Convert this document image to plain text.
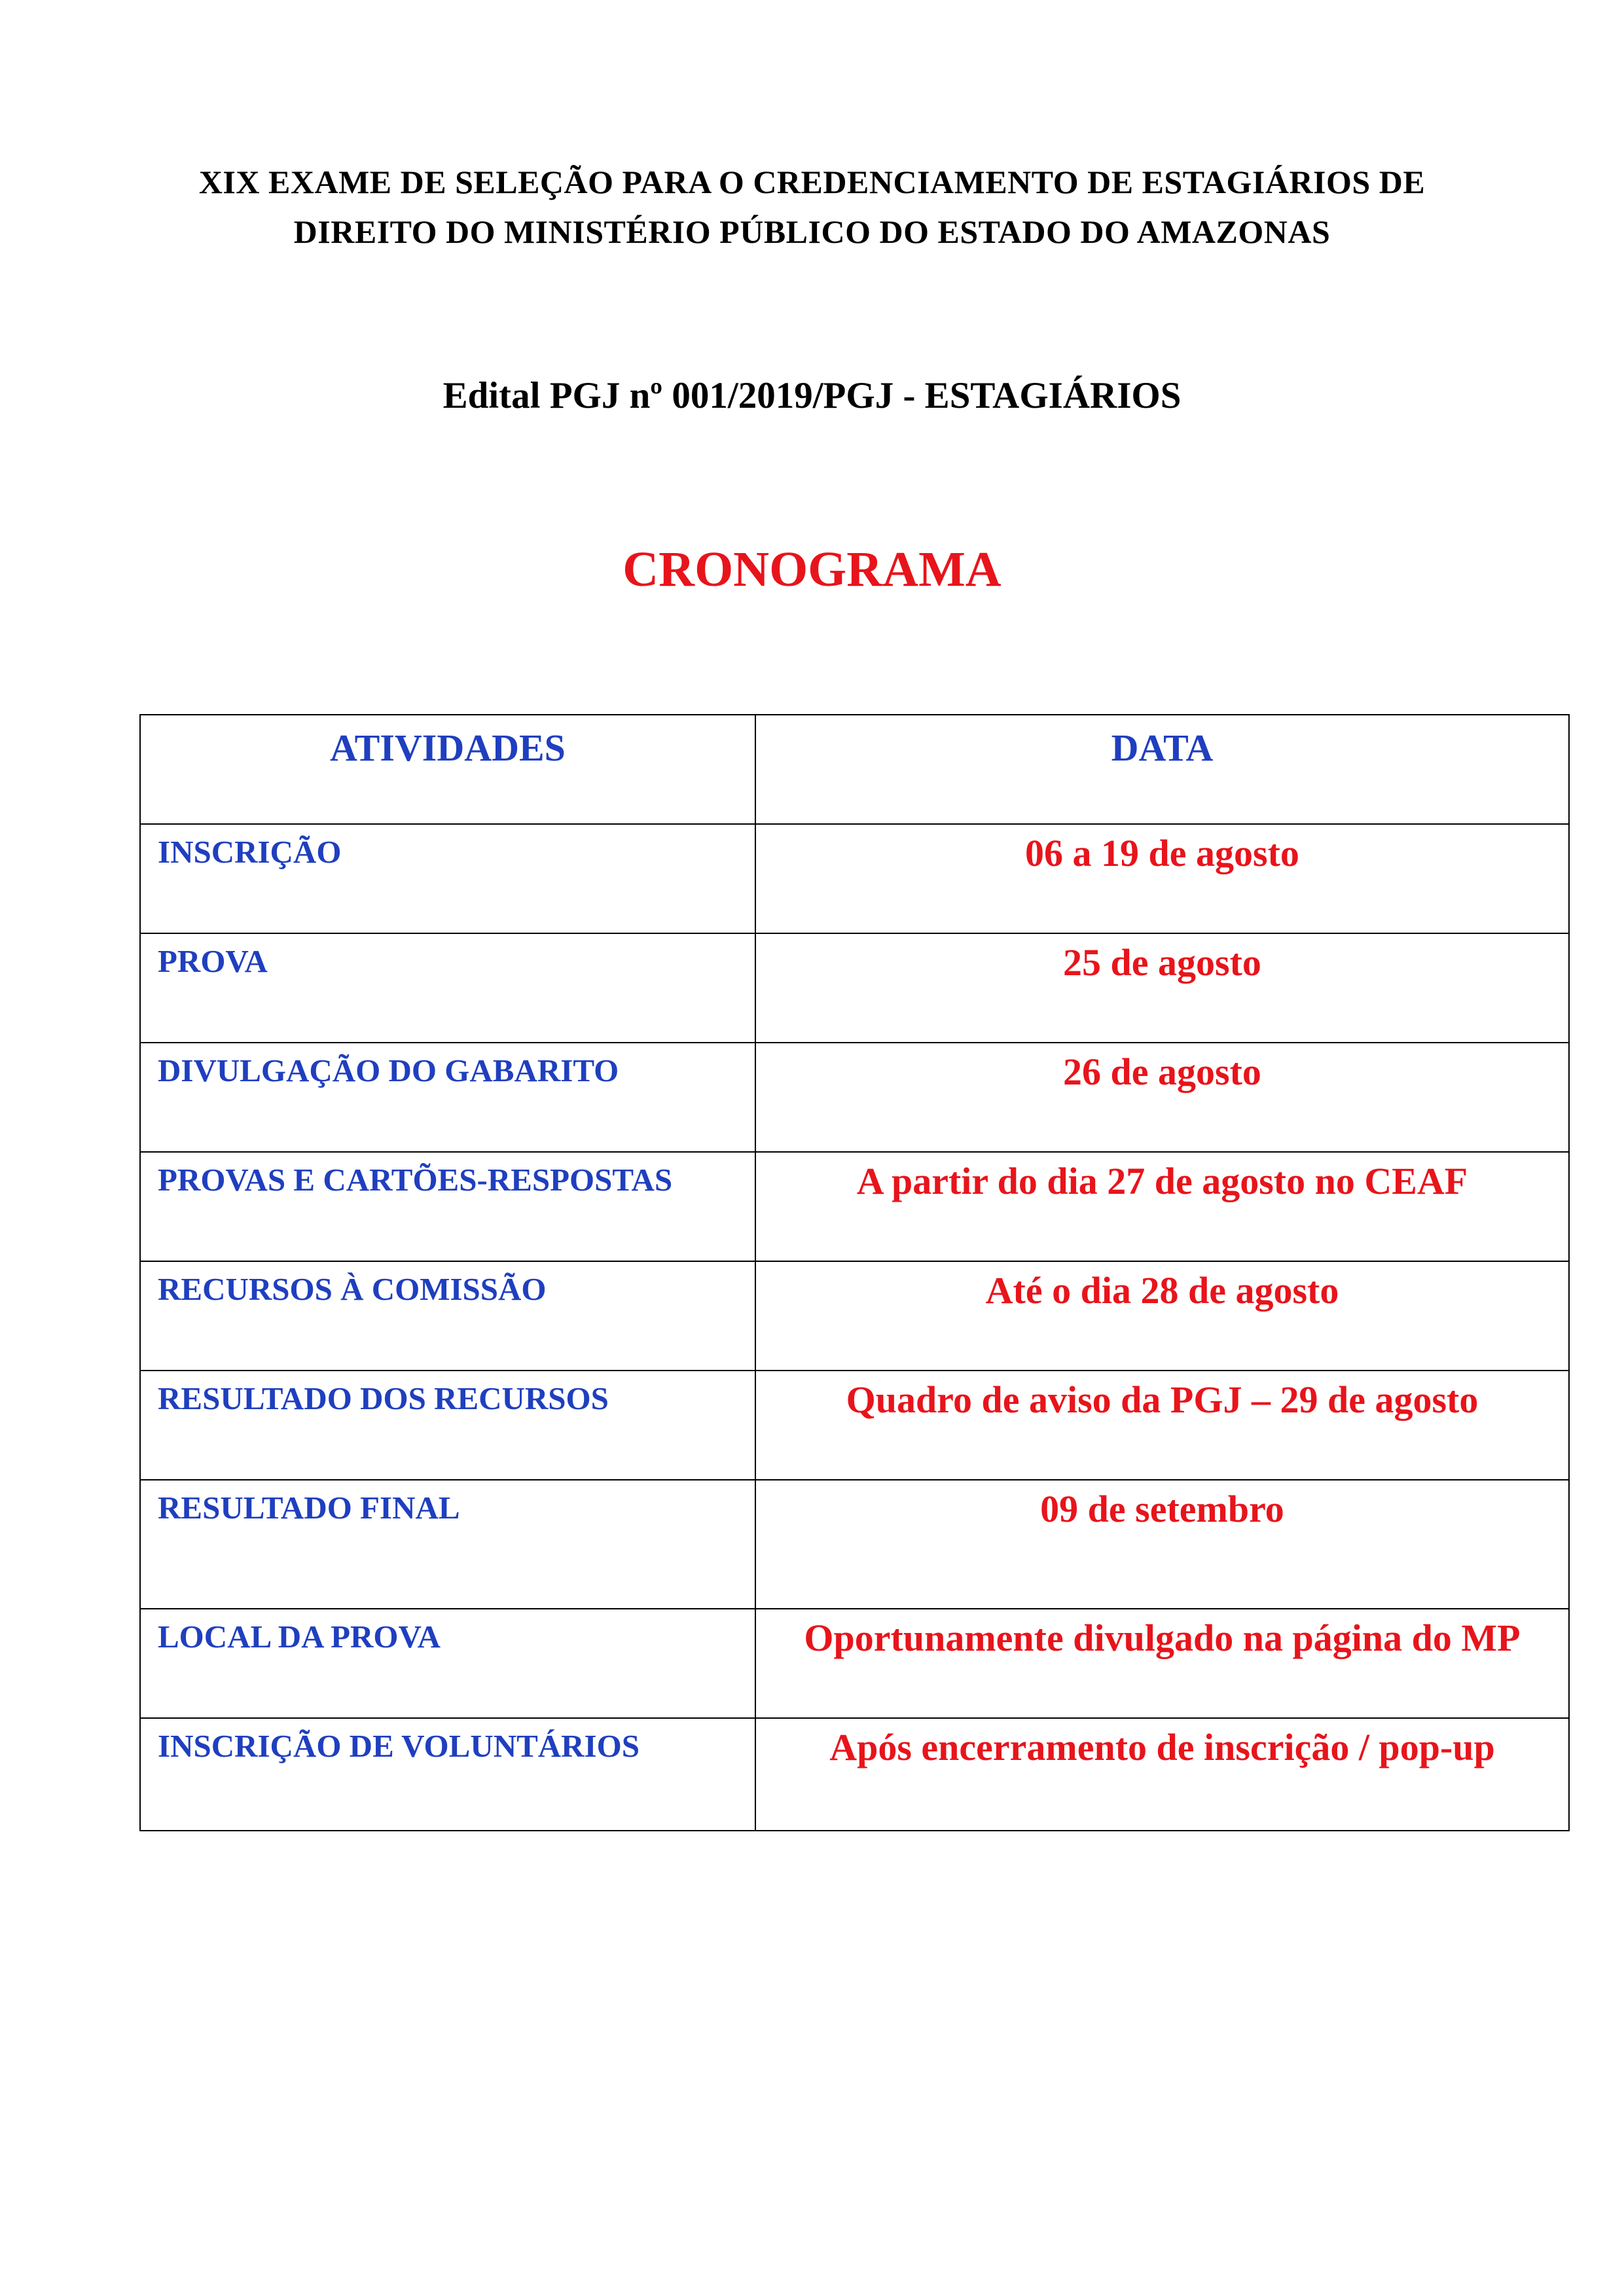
XIX EXAME DE SELEÇÃO PARA O CREDENCIAMENTO DE ESTAGIÁRIOS DE
DIREITO DO MINISTÉRIO PÚBLICO DO ESTADO DO AMAZONAS
Edital PGJ nº 001/2019/PGJ - ESTAGIÁRIOS
CRONOGRAMA
ATIVIDADES	DATA
INSCRIÇÃO	06 a 19 de agosto
PROVA	25 de agosto
DIVULGAÇÃO DO GABARITO	26 de agosto
PROVAS E CARTÕES-RESPOSTAS	A partir do dia 27 de agosto no CEAF
RECURSOS À COMISSÃO	Até o dia 28 de agosto
RESULTADO DOS RECURSOS	Quadro de aviso da PGJ – 29 de agosto
RESULTADO FINAL	09 de setembro
LOCAL DA PROVA	Oportunamente divulgado na página do MP
INSCRIÇÃO DE VOLUNTÁRIOS	Após encerramento de inscrição / pop-up
